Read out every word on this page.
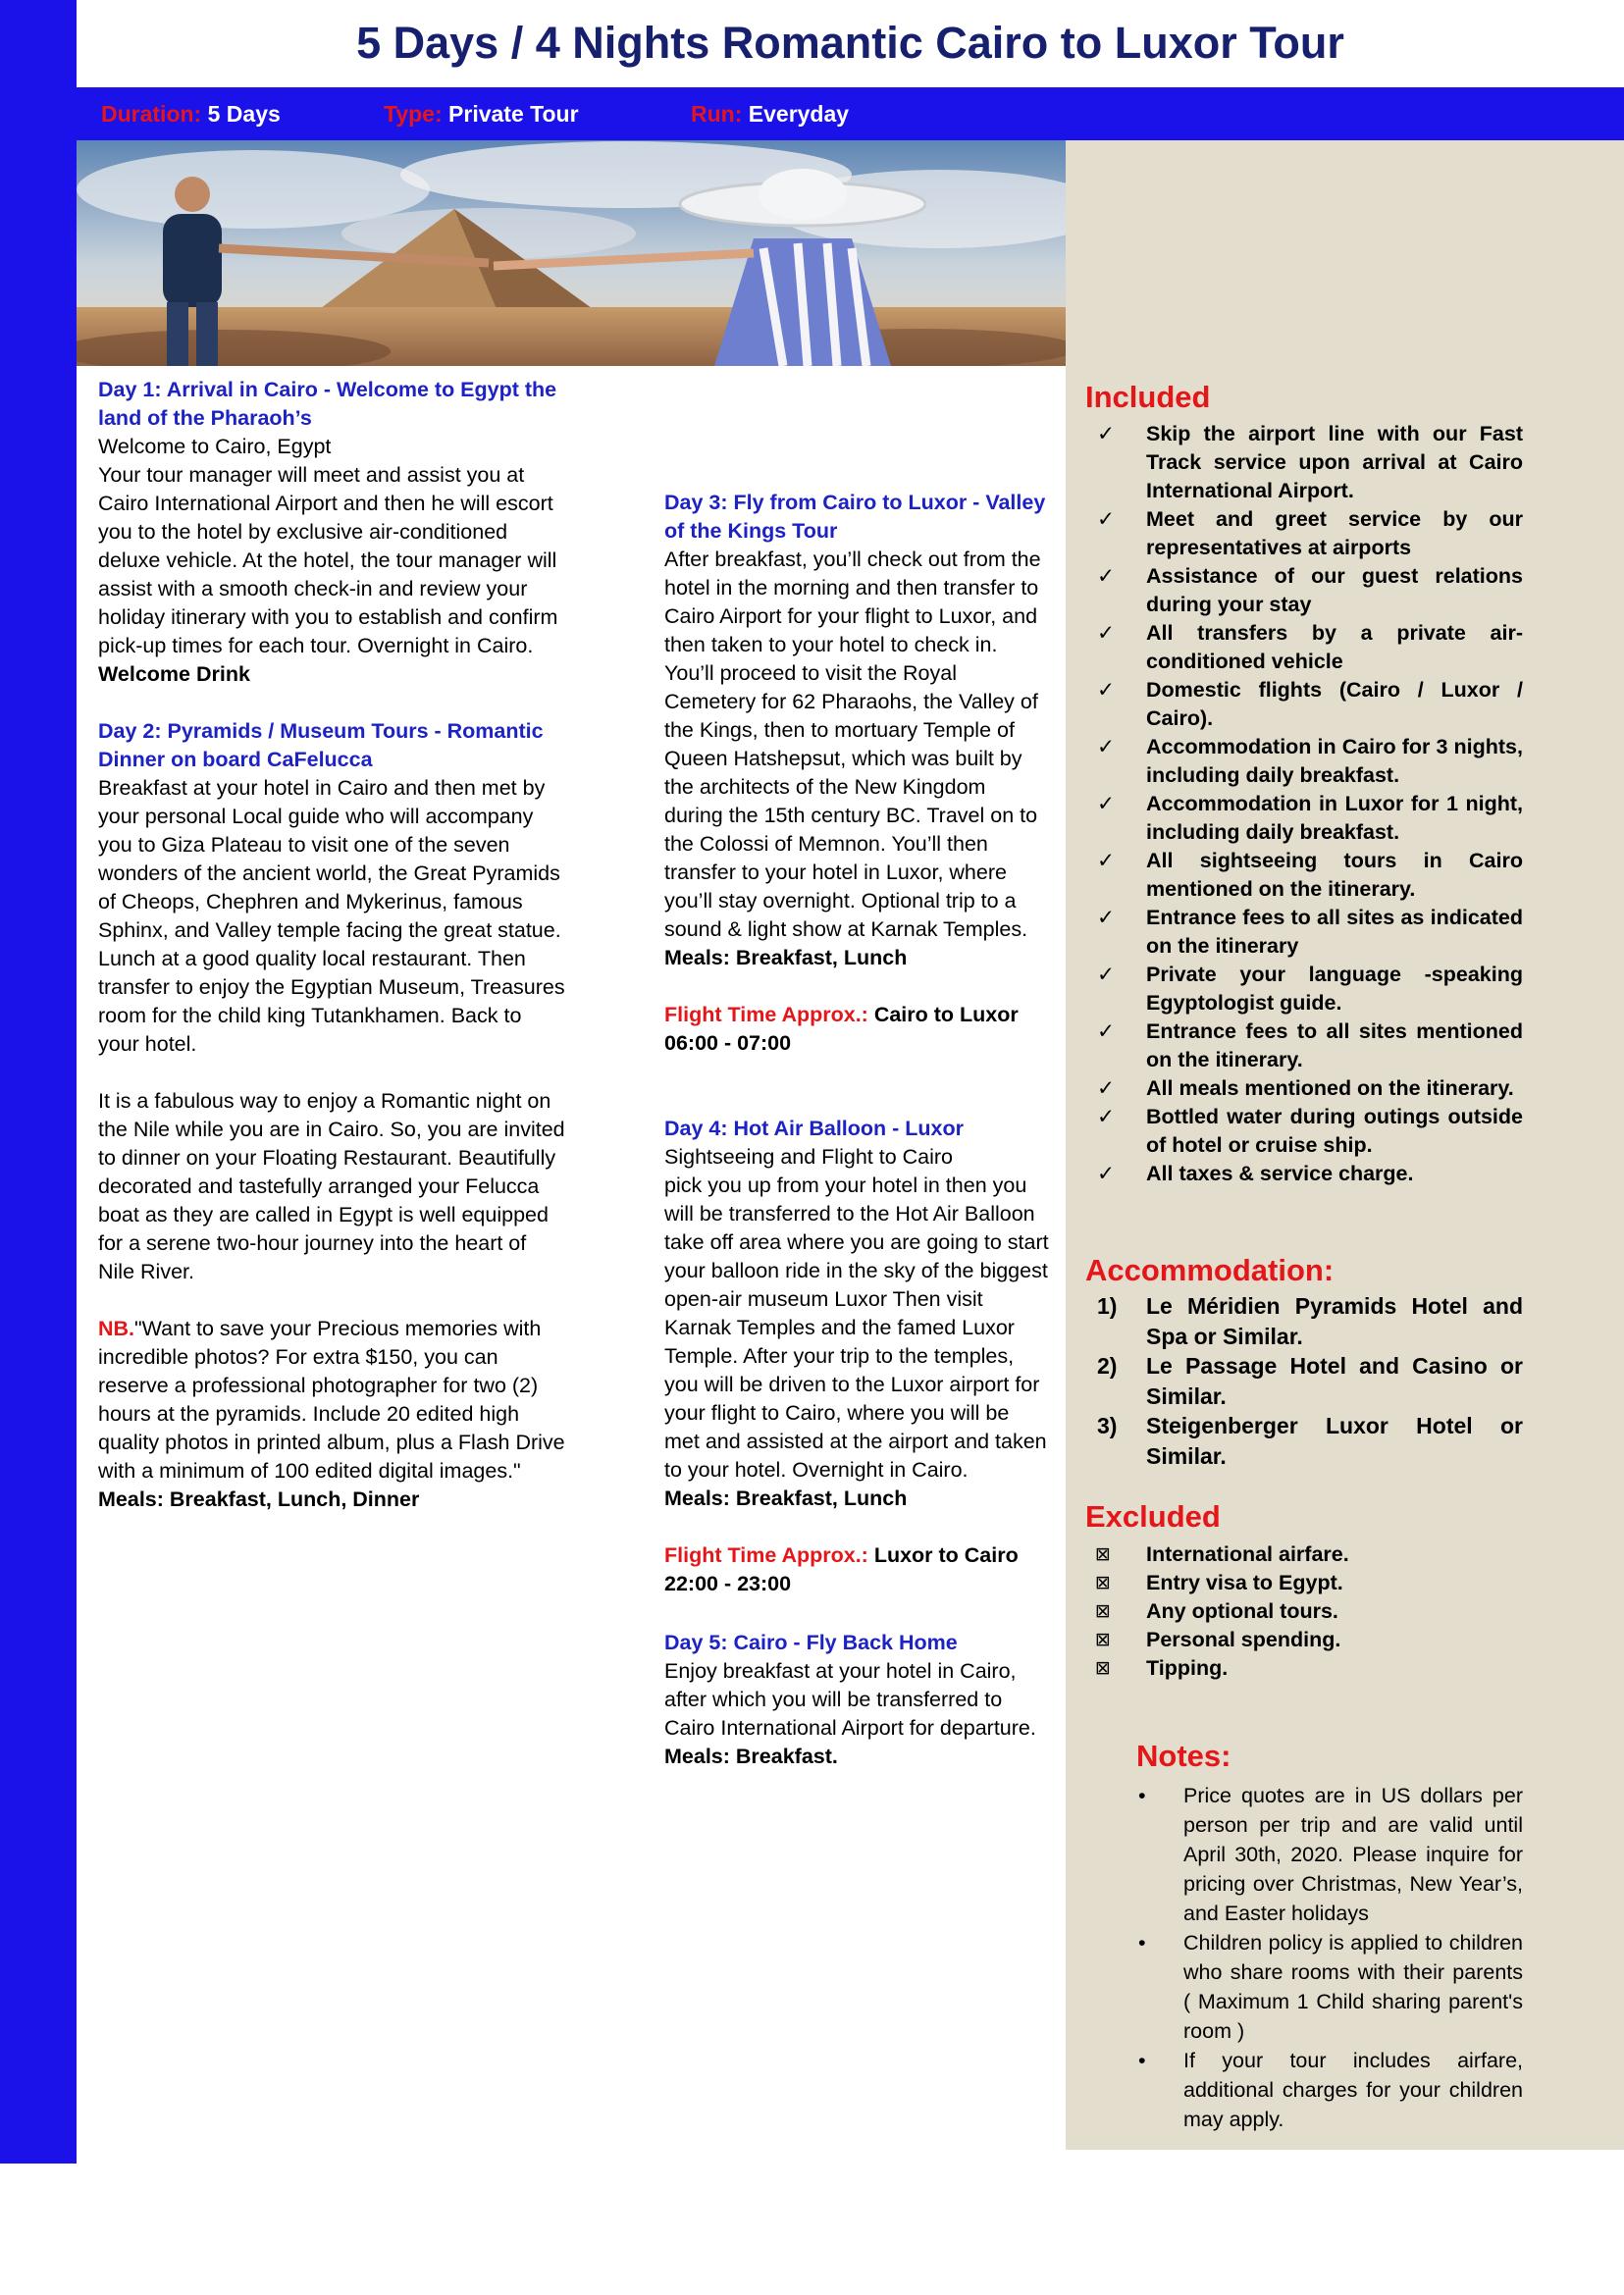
5 Days / 4 Nights Romantic Cairo to Luxor Tour
Duration: 5 Days	Type: Private Tour	Run: Everyday

Day 1: Arrival in Cairo - Welcome to Egypt the land of the Pharaoh’s

Welcome to Cairo, Egypt

Your tour manager will meet and assist you at Cairo International Airport and then he will escort you to the hotel by exclusive air-conditioned deluxe vehicle. At the hotel, the tour manager will assist with a smooth check-in and review your holiday itinerary with you to establish and confirm pick-up times for each tour. Overnight in Cairo.

Welcome Drink

Day 2: Pyramids / Museum Tours - Romantic Dinner on board CaFelucca

Breakfast at your hotel in Cairo and then met by your personal Local guide who will accompany you to Giza Plateau to visit one of the seven wonders of the ancient world, the Great Pyramids of Cheops, Chephren and Mykerinus, famous Sphinx, and Valley temple facing the great statue. Lunch at a good quality local restaurant. Then transfer to enjoy the Egyptian Museum, Treasures room for the child king Tutankhamen. Back to your hotel.

It is a fabulous way to enjoy a Romantic night on the Nile while you are in Cairo. So, you are invited to dinner on your Floating Restaurant. Beautifully decorated and tastefully arranged your Felucca boat as they are called in Egypt is well equipped for a serene two-hour journey into the heart of Nile River.

NB."Want to save your Precious memories with incredible photos? For extra $150, you can reserve a professional photographer for two (2) hours at the pyramids. Include 20 edited high quality photos in printed album, plus a Flash Drive with a minimum of 100 edited digital images."

Meals: Breakfast, Lunch, Dinner

Day 3: Fly from Cairo to Luxor - Valley of the Kings Tour

After breakfast, you’ll check out from the hotel in the morning and then transfer to Cairo Airport for your flight to Luxor, and then taken to your hotel to check in. You’ll proceed to visit the Royal Cemetery for 62 Pharaohs, the Valley of the Kings, then to mortuary Temple of Queen Hatshepsut, which was built by the architects of the New Kingdom during the 15th century BC. Travel on to the Colossi of Memnon. You’ll then transfer to your hotel in Luxor, where you’ll stay overnight. Optional trip to a sound & light show at Karnak Temples.

Meals: Breakfast, Lunch

Flight Time Approx.: Cairo to Luxor 06:00 - 07:00

Day 4: Hot Air Balloon - Luxor

Sightseeing and Flight to Cairo

pick you up from your hotel in then you will be transferred to the Hot Air Balloon take off area where you are going to start your balloon ride in the sky of the biggest open-air museum Luxor Then visit Karnak Temples and the famed Luxor Temple. After your trip to the temples, you will be driven to the Luxor airport for your flight to Cairo, where you will be met and assisted at the airport and taken to your hotel. Overnight in Cairo.

Meals: Breakfast, Lunch

Flight Time Approx.: Luxor to Cairo 22:00 - 23:00

Day 5: Cairo - Fly Back Home

Enjoy breakfast at your hotel in Cairo, after which you will be transferred to Cairo International Airport for departure.

Meals: Breakfast.

Included
✓ Skip the airport line with our Fast Track service upon arrival at Cairo International Airport.
✓ Meet and greet service by our representatives at airports
✓ Assistance of our guest relations during your stay
✓ All transfers by a private air-conditioned vehicle
✓ Domestic flights (Cairo / Luxor / Cairo).
✓ Accommodation in Cairo for 3 nights, including daily breakfast.
✓ Accommodation in Luxor for 1 night, including daily breakfast.
✓ All sightseeing tours in Cairo mentioned on the itinerary.
✓ Entrance fees to all sites as indicated on the itinerary
✓ Private your language -speaking Egyptologist guide.
✓ Entrance fees to all sites mentioned on the itinerary.
✓ All meals mentioned on the itinerary.
✓ Bottled water during outings outside of hotel or cruise ship.
✓ All taxes & service charge.
Accommodation:
1) Le Méridien Pyramids Hotel and Spa or Similar.
2) Le Passage Hotel and Casino or Similar.
3) Steigenberger Luxor Hotel or Similar.
Excluded
⊠ International airfare.
⊠ Entry visa to Egypt.
⊠ Any optional tours.
⊠ Personal spending.
⊠ Tipping.
Notes:
• Price quotes are in US dollars per person per trip and are valid until April 30th, 2020. Please inquire for pricing over Christmas, New Year’s, and Easter holidays
• Children policy is applied to children who share rooms with their parents ( Maximum 1 Child sharing parent's room )
• If your tour includes airfare, additional charges for your children may apply.
